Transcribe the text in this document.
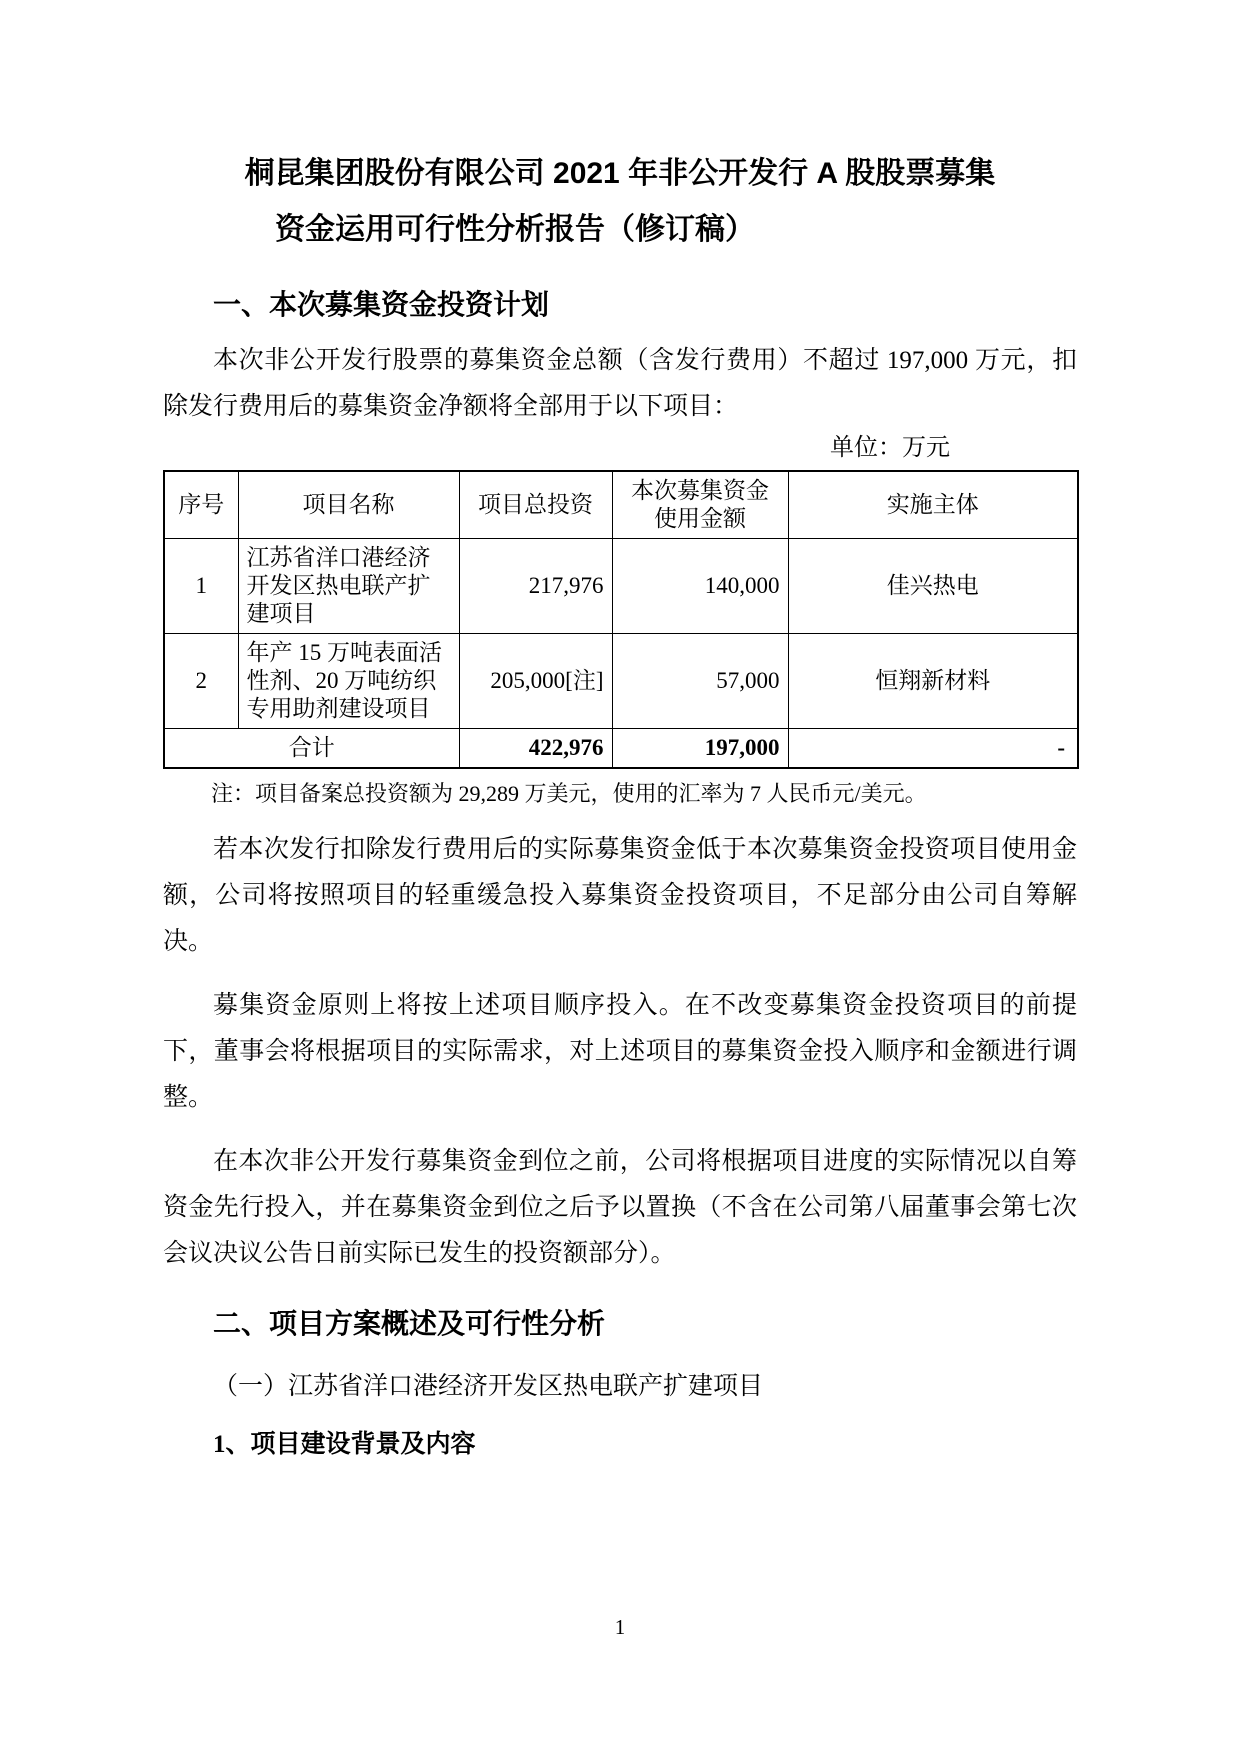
桐昆集团股份有限公司 2021 年非公开发行 A 股股票募集
资金运用可行性分析报告（修订稿）
一、本次募集资金投资计划

本次非公开发行股票的募集资金总额（含发行费用）不超过 197,000 万元，扣除发行费用后的募集资金净额将全部用于以下项目：

单位：万元
序号	项目名称	项目总投资	本次募集资金使用金额	实施主体
1	江苏省洋口港经济开发区热电联产扩建项目	217,976	140,000	佳兴热电
2	年产 15 万吨表面活性剂、20 万吨纺织专用助剂建设项目	205,000[注]	57,000	恒翔新材料
合计		422,976	197,000	-

注：项目备案总投资额为 29,289 万美元，使用的汇率为 7 人民币元/美元。

若本次发行扣除发行费用后的实际募集资金低于本次募集资金投资项目使用金额，公司将按照项目的轻重缓急投入募集资金投资项目，不足部分由公司自筹解决。

募集资金原则上将按上述项目顺序投入。在不改变募集资金投资项目的前提下，董事会将根据项目的实际需求，对上述项目的募集资金投入顺序和金额进行调整。

在本次非公开发行募集资金到位之前，公司将根据项目进度的实际情况以自筹资金先行投入，并在募集资金到位之后予以置换（不含在公司第八届董事会第七次会议决议公告日前实际已发生的投资额部分）。

二、项目方案概述及可行性分析

（一）江苏省洋口港经济开发区热电联产扩建项目

1、项目建设背景及内容

1
